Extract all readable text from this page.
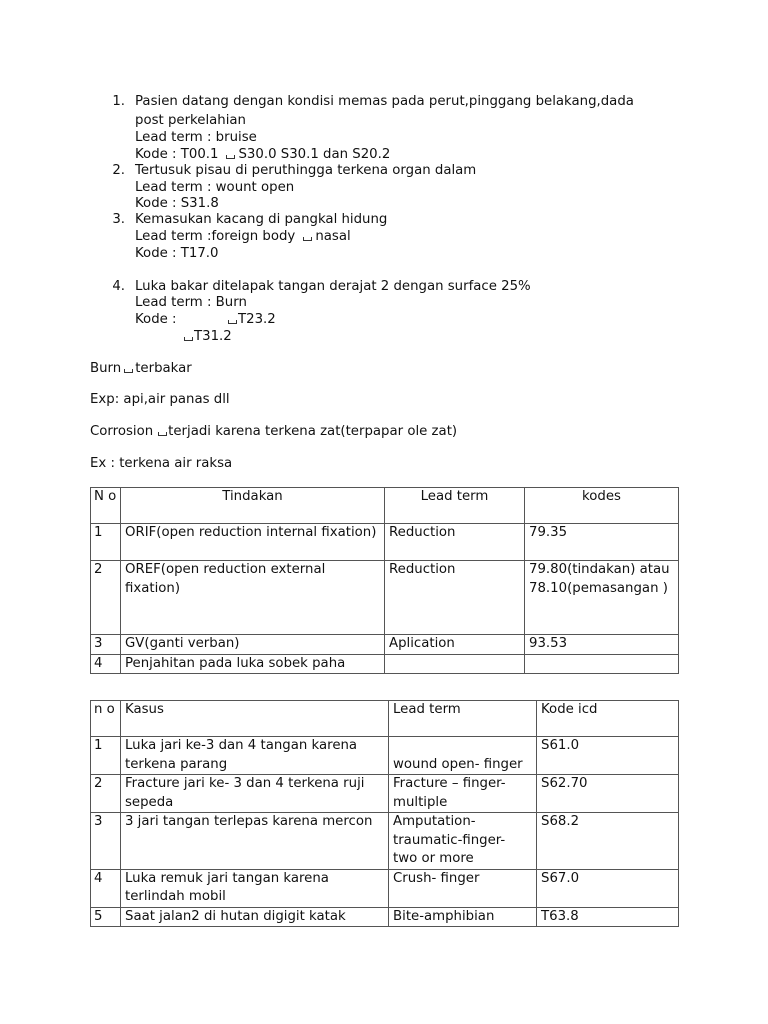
1. Pasien datang dengan kondisi memas pada perut,pinggang belakang,dada
post perkelahian
Lead term : bruise
Kode : T00.1 S30.0 S30.1 dan S20.2
2. Tertusuk pisau di peruthingga terkena organ dalam
Lead term : wount open
Kode : S31.8
3. Kemasukan kacang di pangkal hidung
Lead term :foreign body nasal
Kode : T17.0
4. Luka bakar ditelapak tangan derajat 2 dengan surface 25%
Lead term : Burn
Kode :	T23.2
T31.2
Burn terbakar
Exp: api,air panas dll
Corrosion terjadi karena terkena zat(terpapar ole zat)
Ex : terkena air raksa
N o	Tindakan	Lead term	kodes
1	ORIF(open reduction internal fixation)	Reduction	79.35
2	OREF(open reduction external fixation)	Reduction	79.80(tindakan) atau 78.10(pemasangan )
3	GV(ganti verban)	Aplication	93.53
4	Penjahitan pada luka sobek paha		
n o	Kasus	Lead term	Kode icd
1	Luka jari ke-3 dan 4 tangan karena terkena parang	wound open- finger	S61.0
2	Fracture jari ke- 3 dan 4 terkena ruji sepeda	Fracture – finger- multiple	S62.70
3	3 jari tangan terlepas karena mercon	Amputation- traumatic-finger- two or more	S68.2
4	Luka remuk jari tangan karena terlindah mobil	Crush- finger	S67.0
5	Saat jalan2 di hutan digigit katak	Bite-amphibian	T63.8
